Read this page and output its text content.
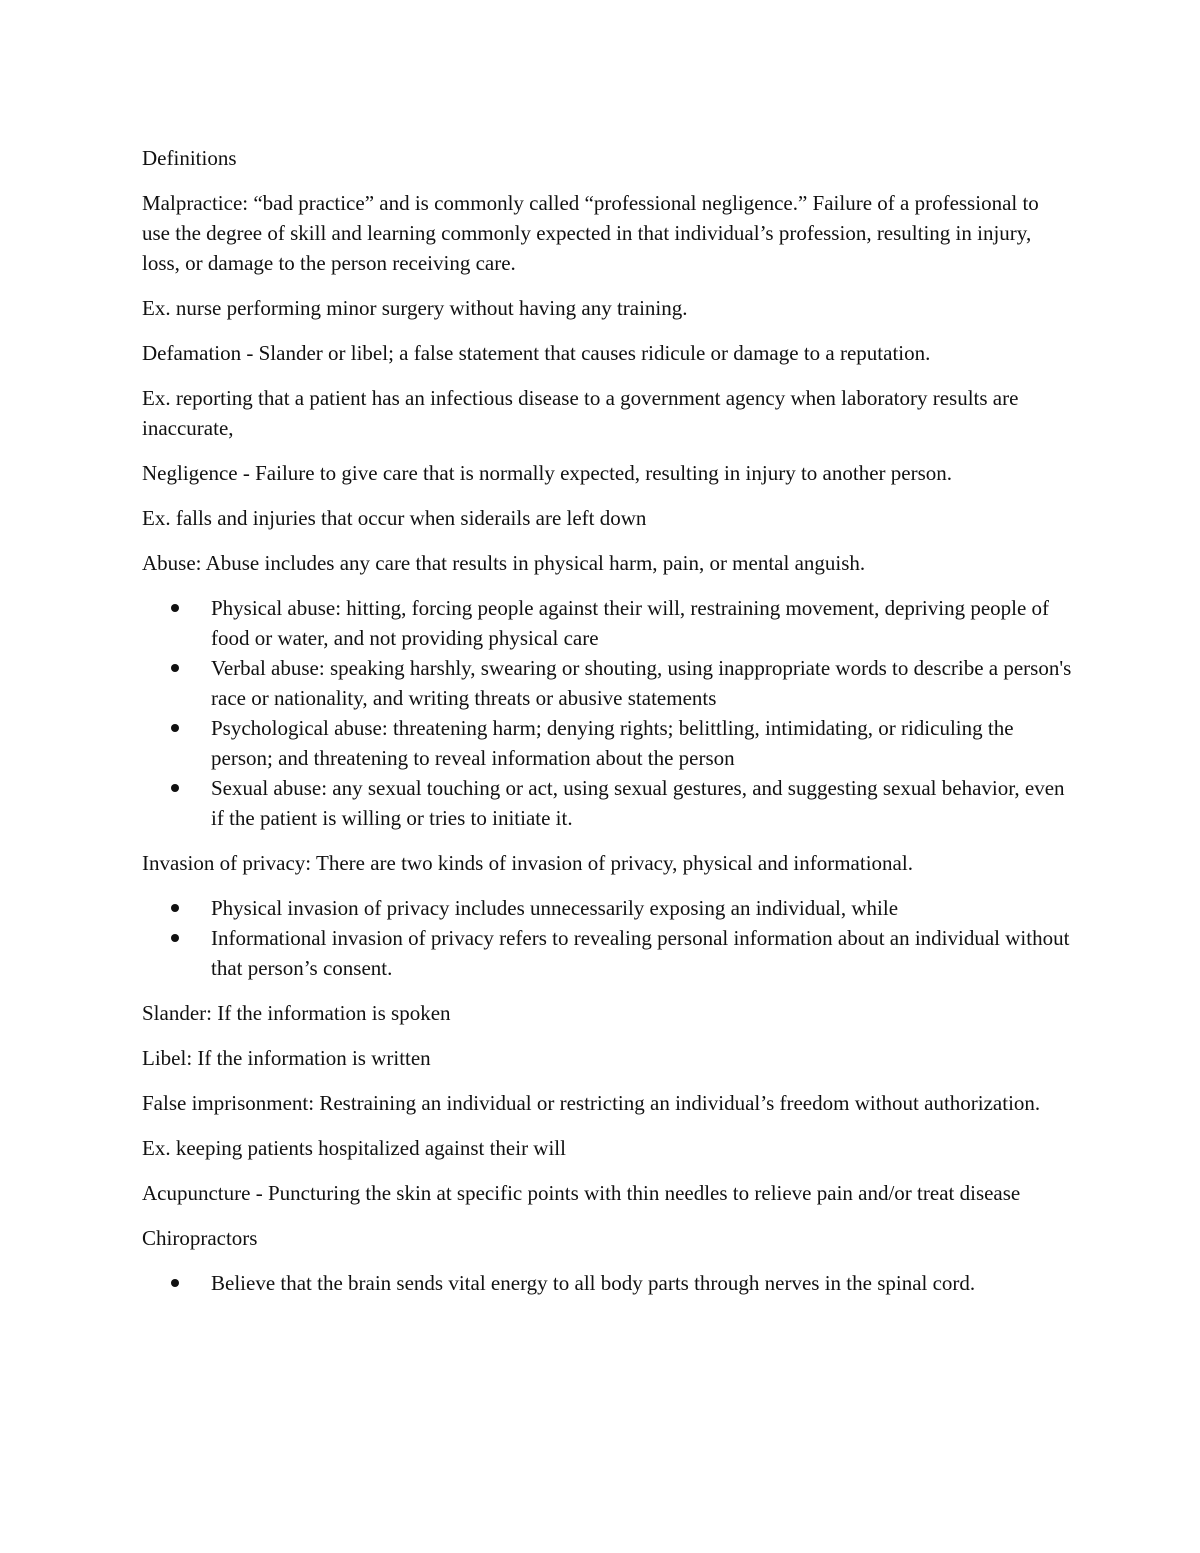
Definitions

Malpractice: “bad practice” and is commonly called “professional negligence.” Failure of a professional to use the degree of skill and learning commonly expected in that individual’s profession, resulting in injury, loss, or damage to the person receiving care.

Ex. nurse performing minor surgery without having any training.

Defamation - Slander or libel; a false statement that causes ridicule or damage to a reputation.

Ex. reporting that a patient has an infectious disease to a government agency when laboratory results are inaccurate,

Negligence - Failure to give care that is normally expected, resulting in injury to another person.

Ex. falls and injuries that occur when siderails are left down

Abuse: Abuse includes any care that results in physical harm, pain, or mental anguish.

Physical abuse: hitting, forcing people against their will, restraining movement, depriving people of food or water, and not providing physical care
Verbal abuse: speaking harshly, swearing or shouting, using inappropriate words to describe a person's race or nationality, and writing threats or abusive statements
Psychological abuse: threatening harm; denying rights; belittling, intimidating, or ridiculing the person; and threatening to reveal information about the person
Sexual abuse: any sexual touching or act, using sexual gestures, and suggesting sexual behavior, even if the patient is willing or tries to initiate it.

Invasion of privacy: There are two kinds of invasion of privacy, physical and informational.

Physical invasion of privacy includes unnecessarily exposing an individual, while
Informational invasion of privacy refers to revealing personal information about an individual without that person’s consent.

Slander: If the information is spoken

Libel: If the information is written

False imprisonment: Restraining an individual or restricting an individual’s freedom without authorization.

Ex. keeping patients hospitalized against their will

Acupuncture - Puncturing the skin at specific points with thin needles to relieve pain and/or treat disease

Chiropractors

Believe that the brain sends vital energy to all body parts through nerves in the spinal cord.
